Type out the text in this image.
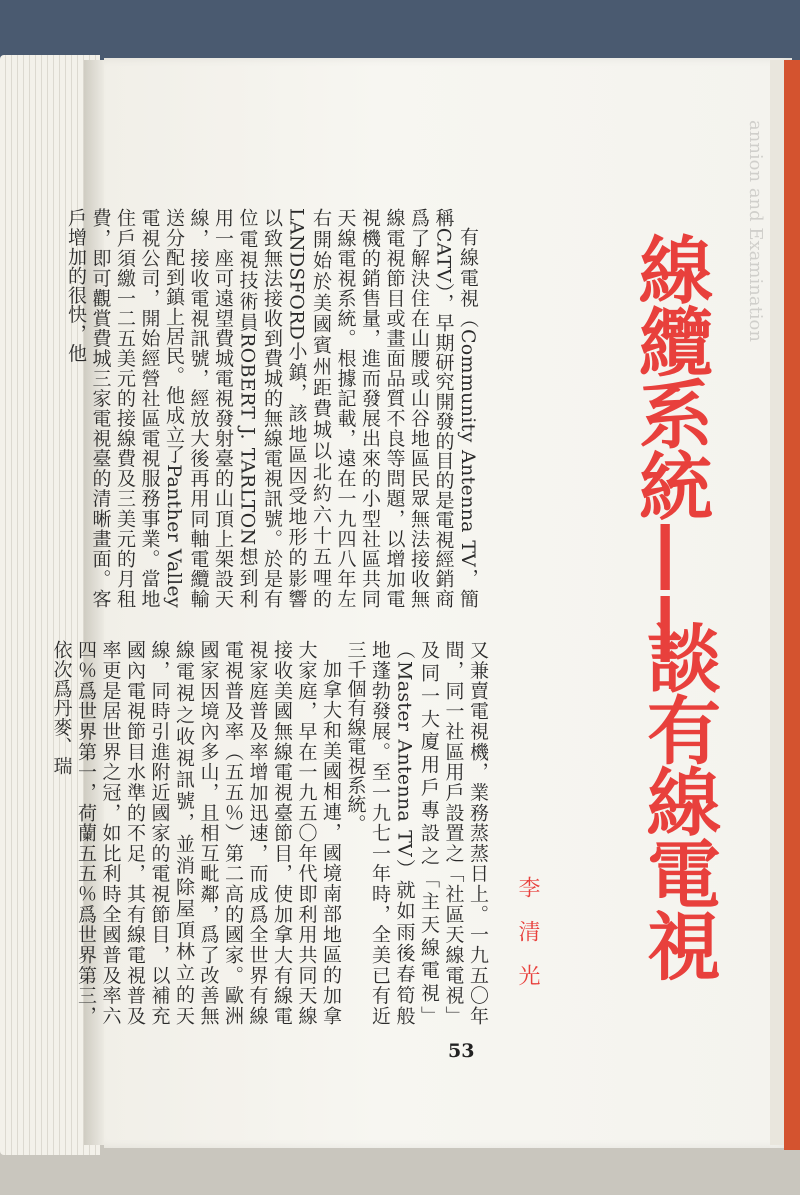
annion and Examination
線纜系統——
談有線電視
李清光
有線電視（Community Antenna TV，簡稱CATV），早期研究開發的目的是電視經銷商爲了解決住在山腰或山谷地區民眾無法接收無線電視節目或畫面品質不良等問題，以增加電視機的銷售量，進而發展出來的小型社區共同天線電視系統。根據記載，遠在一九四八年左右開始於美國賓州距費城以北約六十五哩的LANDSFORD小鎮，該地區因受地形的影響以致無法接收到費城的無線電視訊號。於是有位電視技術員ROBERT J. TARLTON想到利用一座可遠望費城電視發射臺的山頂上架設天線，接收電視訊號，經放大後再用同軸電纜輸送分配到鎮上居民。他成立了Panther Valley電視公司，開始經營社區電視服務事業。當地住戶須繳一二五美元的接線費及三美元的月租費，即可觀賞費城三家電視臺的清晰畫面。客戶增加的很快，他

又兼賣電視機，業務蒸蒸日上。一九五〇年間，同一社區用戶設置之「社區天線電視」及同一大廈用戶專設之「主天線電視」（Master Antenna TV）就如雨後春筍般地蓬勃發展。至一九七一年時，全美已有近三千個有線電視系統。

加拿大和美國相連，國境南部地區的加拿大家庭，早在一九五〇年代即利用共同天線接收美國無線電視臺節目，使加拿大有線電視家庭普及率增加迅速，而成爲全世界有線電視普及率（五五％）第二高的國家。歐洲國家因境內多山，且相互毗鄰，爲了改善無線電視之收視訊號，並消除屋頂林立的天線，同時引進附近國家的電視節目，以補充國內電視節目水準的不足，其有線電視普及率更是居世界之冠，如比利時全國普及率六四％爲世界第一，荷蘭五五％爲世界第三，依次爲丹麥、瑞

53
